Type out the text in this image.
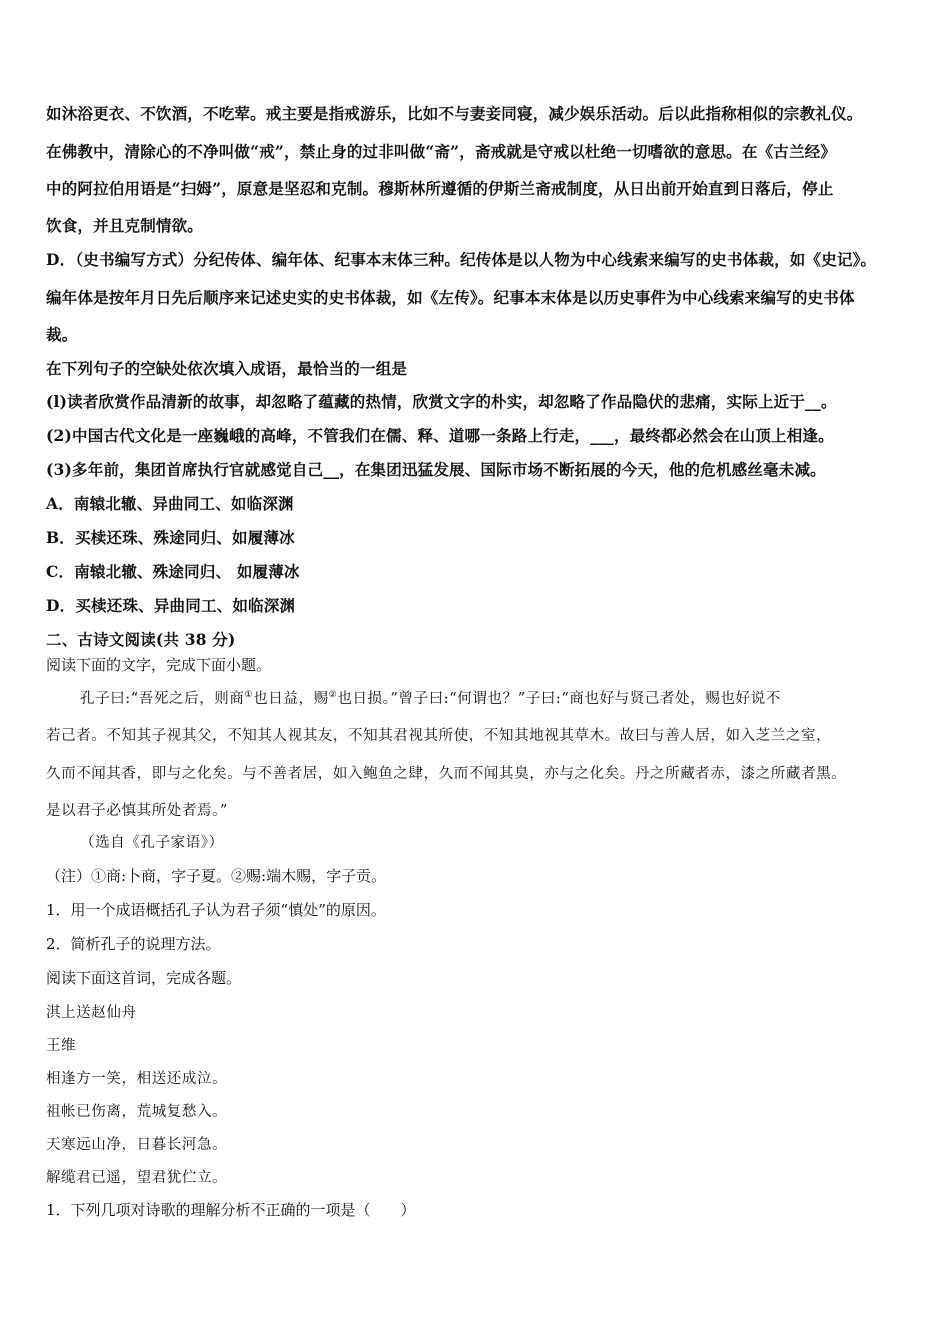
如沐浴更衣、不饮酒，不吃荤。戒主要是指戒游乐，比如不与妻妾同寝，减少娱乐活动。后以此指称相似的宗教礼仪。
在佛教中，清除心的不净叫做“戒”，禁止身的过非叫做“斋”，斋戒就是守戒以杜绝一切嗜欲的意思。在《古兰经》
中的阿拉伯用语是“扫姆”，原意是坚忍和克制。穆斯林所遵循的伊斯兰斋戒制度，从日出前开始直到日落后，停止
饮食，并且克制情欲。
D．（史书编写方式）分纪传体、编年体、纪事本末体三种。纪传体是以人物为中心线索来编写的史书体裁，如《史记》。
编年体是按年月日先后顺序来记述史实的史书体裁，如《左传》。纪事本末体是以历史事件为中心线索来编写的史书体
裁。
在下列句子的空缺处依次填入成语，最恰当的一组是
(l)读者欣赏作品清新的故事，却忽略了蕴藏的热情，欣赏文字的朴实，却忽略了作品隐伏的悲痛，实际上近于__。
(2)中国古代文化是一座巍峨的高峰，不管我们在儒、释、道哪一条路上行走，___，最终都必然会在山顶上相逢。
(3)多年前，集团首席执行官就感觉自己__，在集团迅猛发展、国际市场不断拓展的今天，他的危机感丝毫未减。
A．南辕北辙、异曲同工、如临深渊
B．买椟还珠、殊途同归、如履薄冰
C．南辕北辙、殊途同归、 如履薄冰
D．买椟还珠、异曲同工、如临深渊
二、古诗文阅读(共 38 分)
阅读下面的文字，完成下面小题。
孔子曰:“吾死之后，则商①也日益，赐②也日损。”曾子曰:“何谓也？”子曰:“商也好与贤己者处，赐也好说不
若己者。不知其子视其父，不知其人视其友，不知其君视其所使，不知其地视其草木。故曰与善人居，如入芝兰之室，
久而不闻其香，即与之化矣。与不善者居，如入鲍鱼之肆，久而不闻其臭，亦与之化矣。丹之所藏者赤，漆之所藏者黑。
是以君子必慎其所处者焉。”
（选自《孔子家语》）
（注）①商:卜商，字子夏。②赐:端木赐，字子贡。
1．用一个成语概括孔子认为君子须“慎处”的原因。
2．简析孔子的说理方法。
阅读下面这首词，完成各题。
淇上送赵仙舟
王维
相逢方一笑，相送还成泣。
祖帐已伤离，荒城复愁入。
天寒远山净，日暮长河急。
解缆君已遥，望君犹伫立。
1．下列几项对诗歌的理解分析不正确的一项是（　　）
